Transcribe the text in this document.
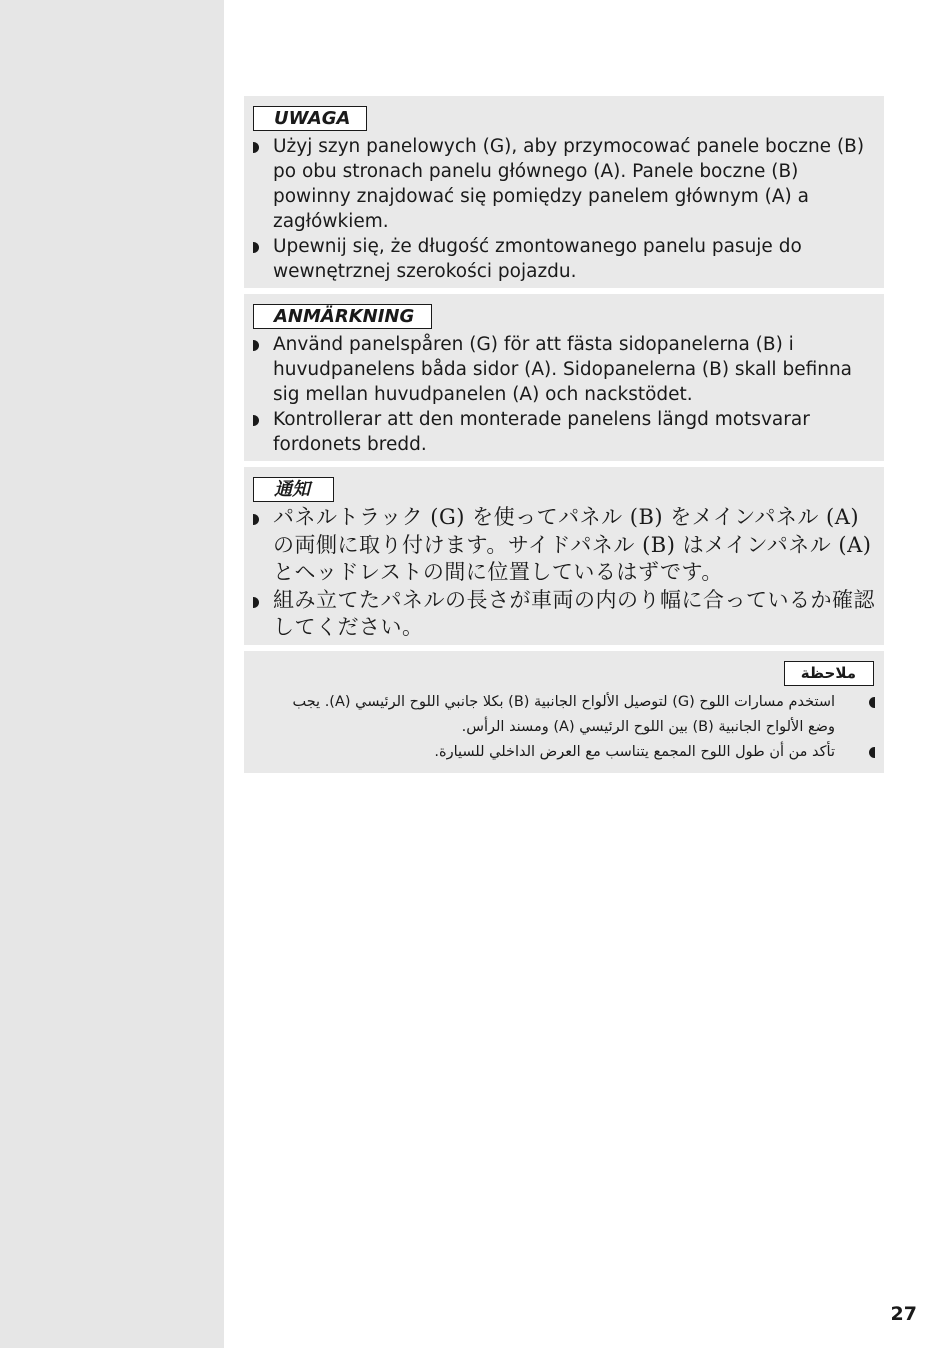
UWAGA
Użyj szyn panelowych (G), aby przymocować panele boczne (B) po obu stronach panelu głównego (A). Panele boczne (B) powinny znajdować się pomiędzy panelem głównym (A) a zagłówkiem.
Upewnij się, że długość zmontowanego panelu pasuje do wewnętrznej szerokości pojazdu.
ANMÄRKNING
Använd panelspåren (G) för att fästa sidopanelerna (B) i huvudpanelens båda sidor (A). Sidopanelerna (B) skall befinna sig mellan huvudpanelen (A) och nackstödet.
Kontrollerar att den monterade panelens längd motsvarar fordonets bredd.
通知
パネルトラック (G) を使ってパネル (B) をメインパネル (A) の両側に取り付けます。サイドパネル (B) はメインパネル (A) とヘッドレストの間に位置しているはずです。
組み立てたパネルの長さが車両の内のり幅に合っているか確認してください。
ملاحظة
استخدم مسارات اللوح (G) لتوصيل الألواح الجانبية (B) بكلا جانبي اللوح الرئيسي (A). يجب وضع الألواح الجانبية (B) بين اللوح الرئيسي (A) ومسند الرأس.
تأكد من أن طول اللوح المجمع يتناسب مع العرض الداخلي للسيارة.
27
